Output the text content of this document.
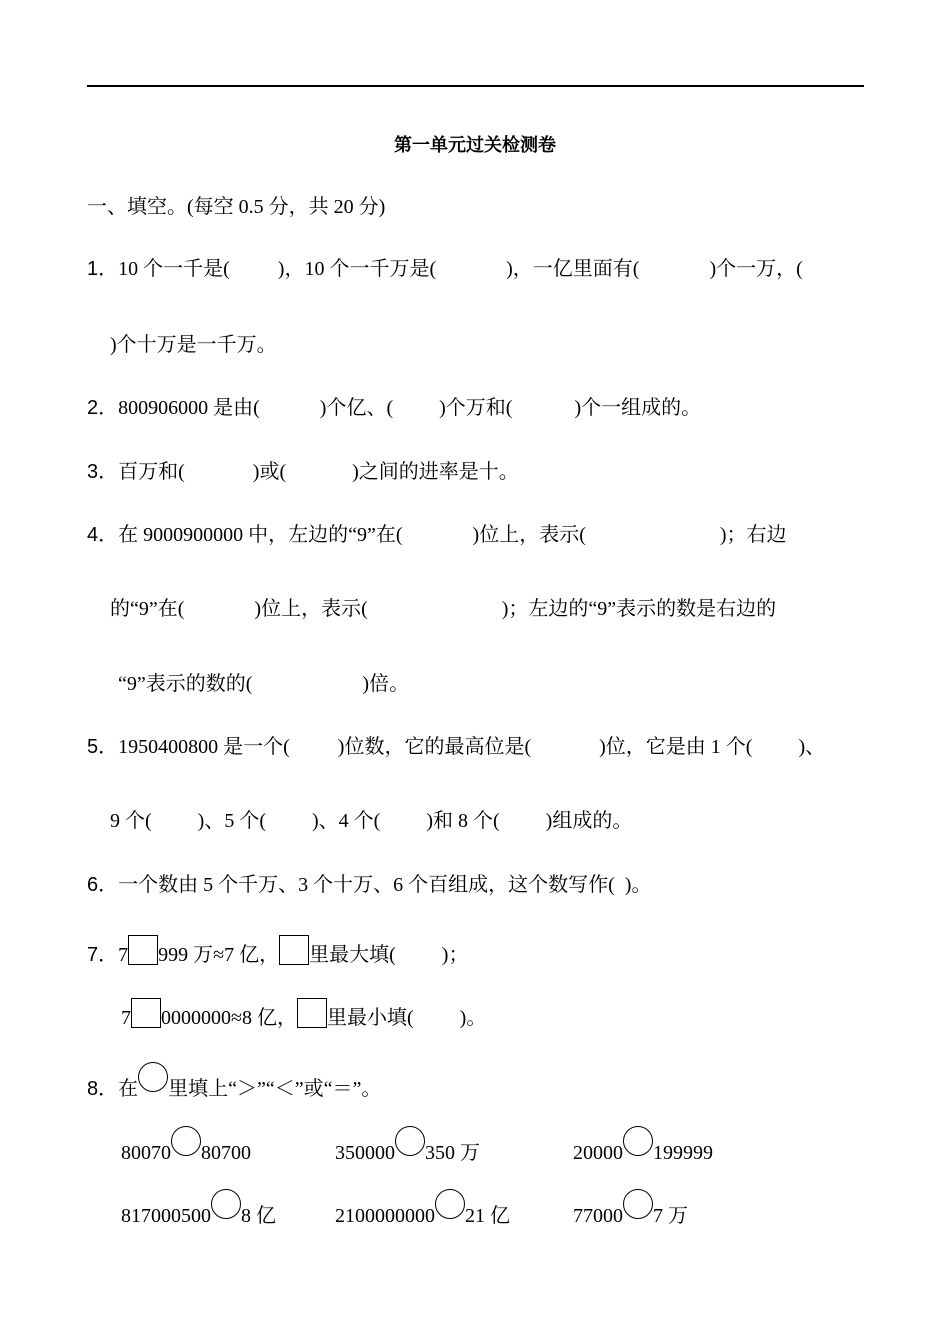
第一单元过关检测卷
一、填空。(每空 0.5 分，共 20 分)
1．10 个一千是( )，10 个一千万是(	)，一亿里面有(	)个一万，(
)个十万是一千万。
2．800906000 是由(	)个亿、( )个万和(	)个一组成的。
3．百万和(	)或(	)之间的进率是十。
4．在 9000900000 中，左边的“9”在(	)位上，表示(	)；右边
的“9”在(	)位上，表示(	)；左边的“9”表示的数是右边的
“9”表示的数的(	)倍。
5．1950400800 是一个( )位数，它的最高位是(	)位，它是由 1 个( )、
9 个( )、5 个( )、4 个( )和 8 个( )组成的。
6．一个数由 5 个千万、3 个十万、6 个百组成，这个数写作( )。
7．7 999 万≈7 亿， 里最大填( )；
7 0000000≈8 亿， 里最小填( )。
8．在 里填上“＞”“＜”或“＝”。
80070 80700	350000 350 万	20000 199999
817000500 8 亿	2100000000 21 亿	77000 7 万
